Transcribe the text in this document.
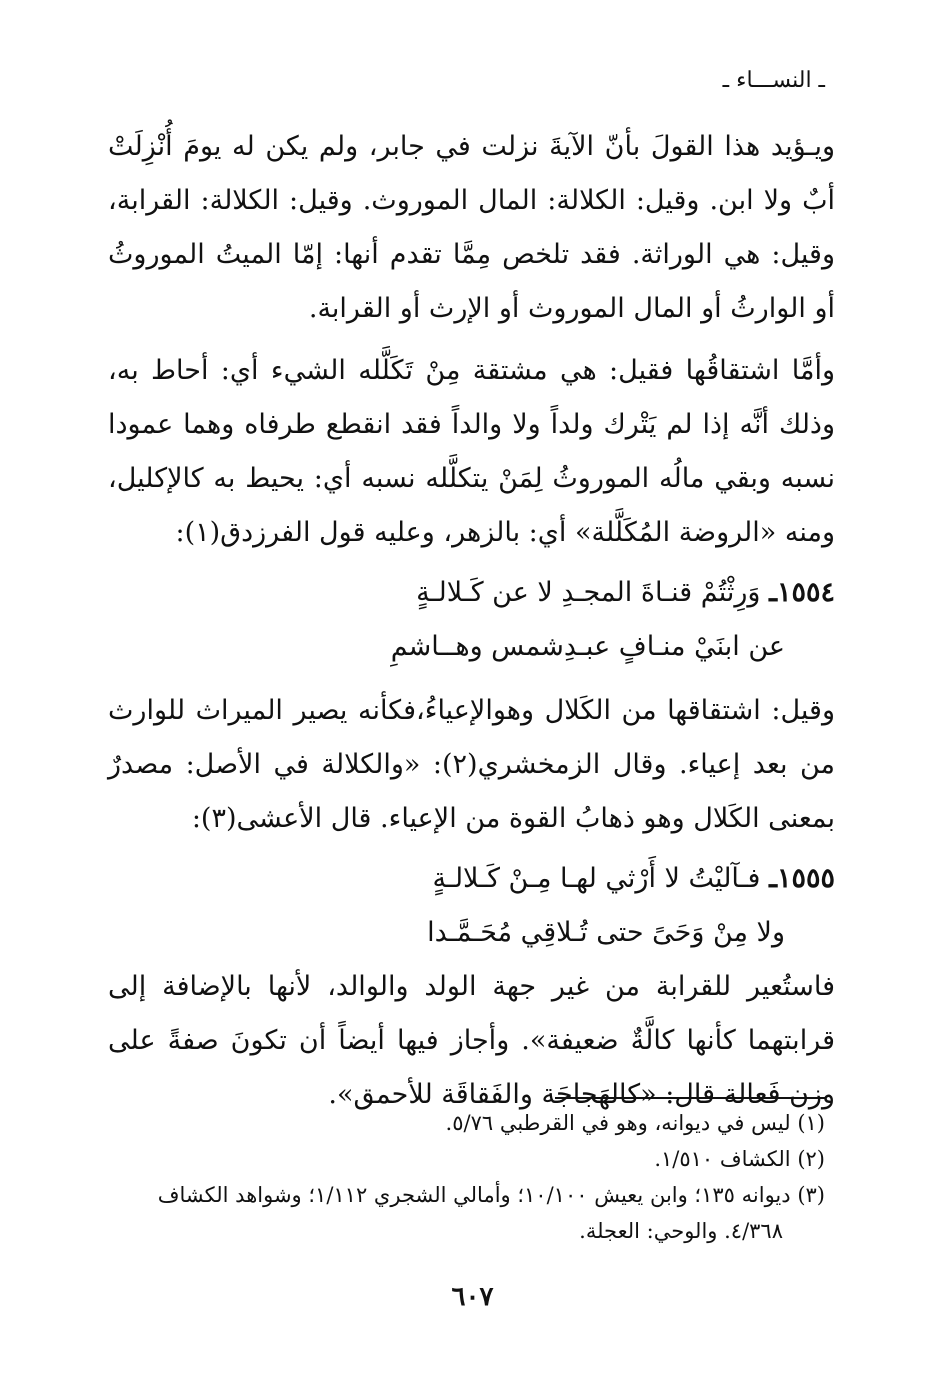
ـ النســـاء ـ

ويـؤيد هذا القولَ بأنّ الآيةَ نزلت في جابر، ولم يكن له يومَ أُنْزِلَتْ أبٌ ولا ابن. وقيل: الكلالة: المال الموروث. وقيل: الكلالة: القرابة، وقيل: هي الوراثة. فقد تلخص مِمَّا تقدم أنها: إمّا الميتُ الموروثُ أو الوارثُ أو المال الموروث أو الإرث أو القرابة.

وأمَّا اشتقاقُها فقيل: هي مشتقة مِنْ تَكَلَّله الشيء أي: أحاط به، وذلك أنَّه إذا لم يَتْرك ولداً ولا والداً فقد انقطع طرفاه وهما عمودا نسبه وبقي مالُه الموروثُ لِمَنْ يتكلَّله نسبه أي: يحيط به كالإكليل، ومنه «الروضة المُكَلَّلة» أي: بالزهر، وعليه قول الفرزدق(١):

١٥٥٤ـ وَرِثْتُمْ قنـاةَ المجـدِ لا عن كَـلالـةٍ
عن ابنَيْ منـافٍ عبـدِشمس وهــاشمِ

وقيل: اشتقاقها من الكَلال وهوالإعياءُ،فكأنه يصير الميراث للوارث من بعد إعياء. وقال الزمخشري(٢): «والكلالة في الأصل: مصدرٌ بمعنى الكَلال وهو ذهابُ القوة من الإعياء. قال الأعشى(٣):

١٥٥٥ـ فـآليْتُ لا أَرْثي لهـا مِـنْ كَـلالـةٍ
ولا مِنْ وَحَىً حتى تُـلاقِي مُحَـمَّـدا

فاستُعير للقرابة من غير جهة الولد والوالد، لأنها بالإضافة إلى قرابتهما كأنها كالَّةٌ ضعيفة». وأجاز فيها أيضاً أن تكونَ صفةً على وزن فَعالة قال: «كالهَجاجَة والفَقاقَة للأحمق».

(١) ليس في ديوانه، وهو في القرطبي ٥/٧٦.

(٢) الكشاف ١/٥١٠.

(٣) ديوانه ١٣٥؛ وابن يعيش ١٠/١٠٠؛ وأمالي الشجري ١/١١٢؛ وشواهد الكشاف

٤/٣٦٨. والوحي: العجلة.

٦٠٧
